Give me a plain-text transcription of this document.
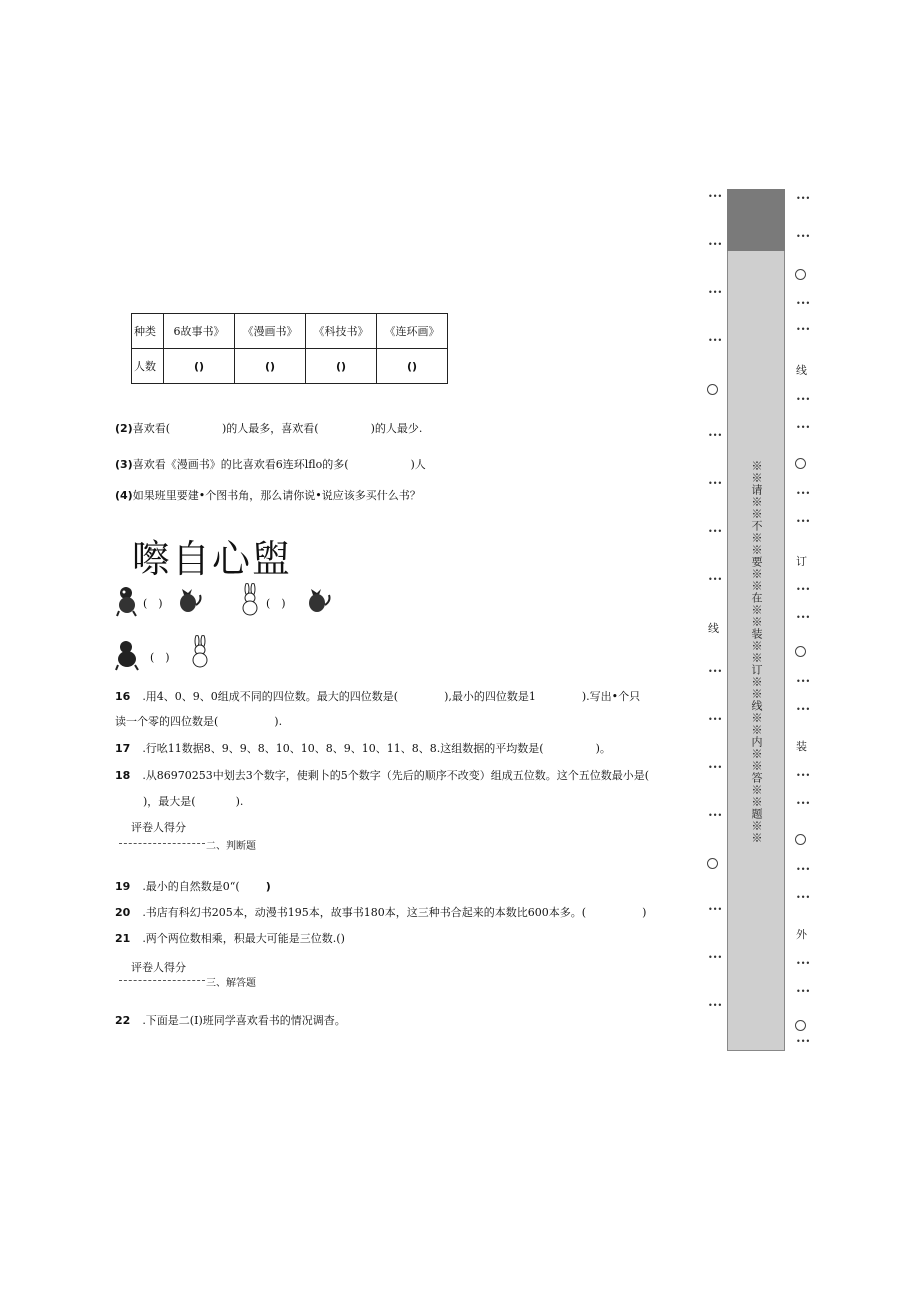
种类	6故事书》	《漫画书》	《科技书》	《连环画》
人数	()	()	()	()
(2)喜欢看(	)的人最多，喜欢看(	)的人最少.
(3)喜欢看《漫画书》的比喜欢看6连环lflo的多(	)人
(4)如果班里要建•个图书角，那么请你说•说应该多买什么书？
嚓自心盥
(　)	(　)
(　)
16 .用4、0、9、0组成不同的四位数。最大的四位数是(	),最小的四位数是1	).写出•个只
读一个零的四位数是(	).
17 .行吆11数据8、9、9、8、10、10、8、9、10、11、8、8.这组数据的平均数是(	)。
18 .从86970253中划去3个数字，使剩卜的5个数字（先后的顺序不改变）组成五位数。这个五位数最小是(
)，最大是(	).
评卷人得分
二、判断题
19 .最小的自然数是0“( )
20 .书店有科幻书205本，动漫书195本，故事书180本，这三种书合起来的本数比600本多。(	)
21 .两个两位数相乘，积最大可能是三位数.()
评卷人得分
三、解答题
22 .下面是二(I)班同学喜欢看书的情况调杳。
•••
•••
•••
•••
•••
•••
•••
•••
线
•••
•••
•••
•••
•••
•••
•••
※※请※※不※※要※※在※※装※※订※※线※※内※※答※※题※※
•••
•••
•••
•••
线
•••
•••
•••
•••
订
•••
•••
•••
•••
装
•••
•••
•••
•••
外
•••
•••
•••
